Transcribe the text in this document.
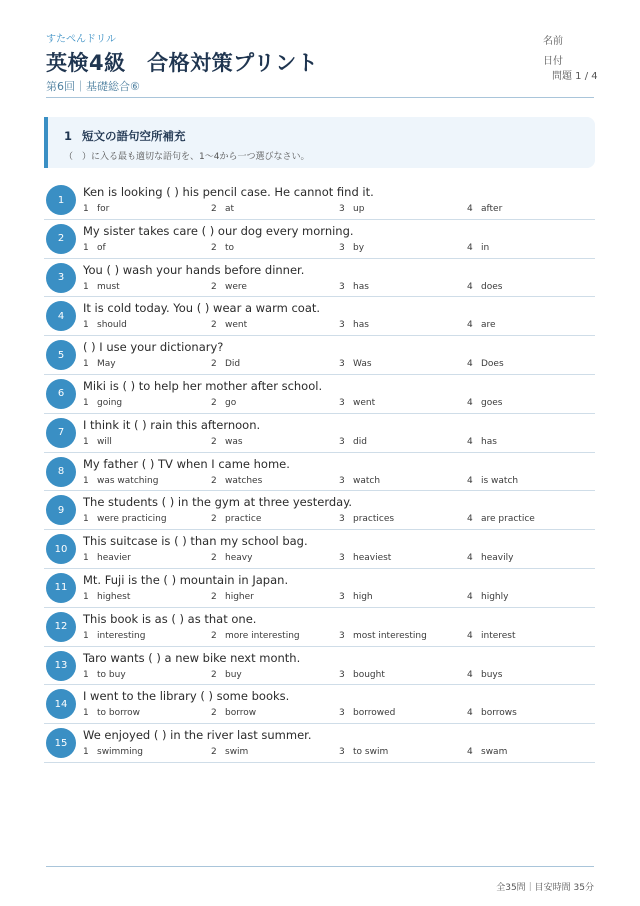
すたぺんドリル
英検4級　合格対策プリント
第6回｜基礎総合⑥
名前
日付
問題 1 / 4
1 短文の語句空所補充
（　）に入る最も適切な語句を、1〜4から一つ選びなさい。
1
Ken is looking ( ) his pencil case. He cannot find it.
1 for	2 at	3 up	4 after
2
My sister takes care ( ) our dog every morning.
1 of	2 to	3 by	4 in
3
You ( ) wash your hands before dinner.
1 must	2 were	3 has	4 does
4
It is cold today. You ( ) wear a warm coat.
1 should	2 went	3 has	4 are
5
( ) I use your dictionary?
1 May	2 Did	3 Was	4 Does
6
Miki is ( ) to help her mother after school.
1 going	2 go	3 went	4 goes
7
I think it ( ) rain this afternoon.
1 will	2 was	3 did	4 has
8
My father ( ) TV when I came home.
1 was watching	2 watches	3 watch	4 is watch
9
The students ( ) in the gym at three yesterday.
1 were practicing	2 practice	3 practices	4 are practice
10
This suitcase is ( ) than my school bag.
1 heavier	2 heavy	3 heaviest	4 heavily
11
Mt. Fuji is the ( ) mountain in Japan.
1 highest	2 higher	3 high	4 highly
12
This book is as ( ) as that one.
1 interesting	2 more interesting	3 most interesting	4 interest
13
Taro wants ( ) a new bike next month.
1 to buy	2 buy	3 bought	4 buys
14
I went to the library ( ) some books.
1 to borrow	2 borrow	3 borrowed	4 borrows
15
We enjoyed ( ) in the river last summer.
1 swimming	2 swim	3 to swim	4 swam
全35問｜目安時間 35分
